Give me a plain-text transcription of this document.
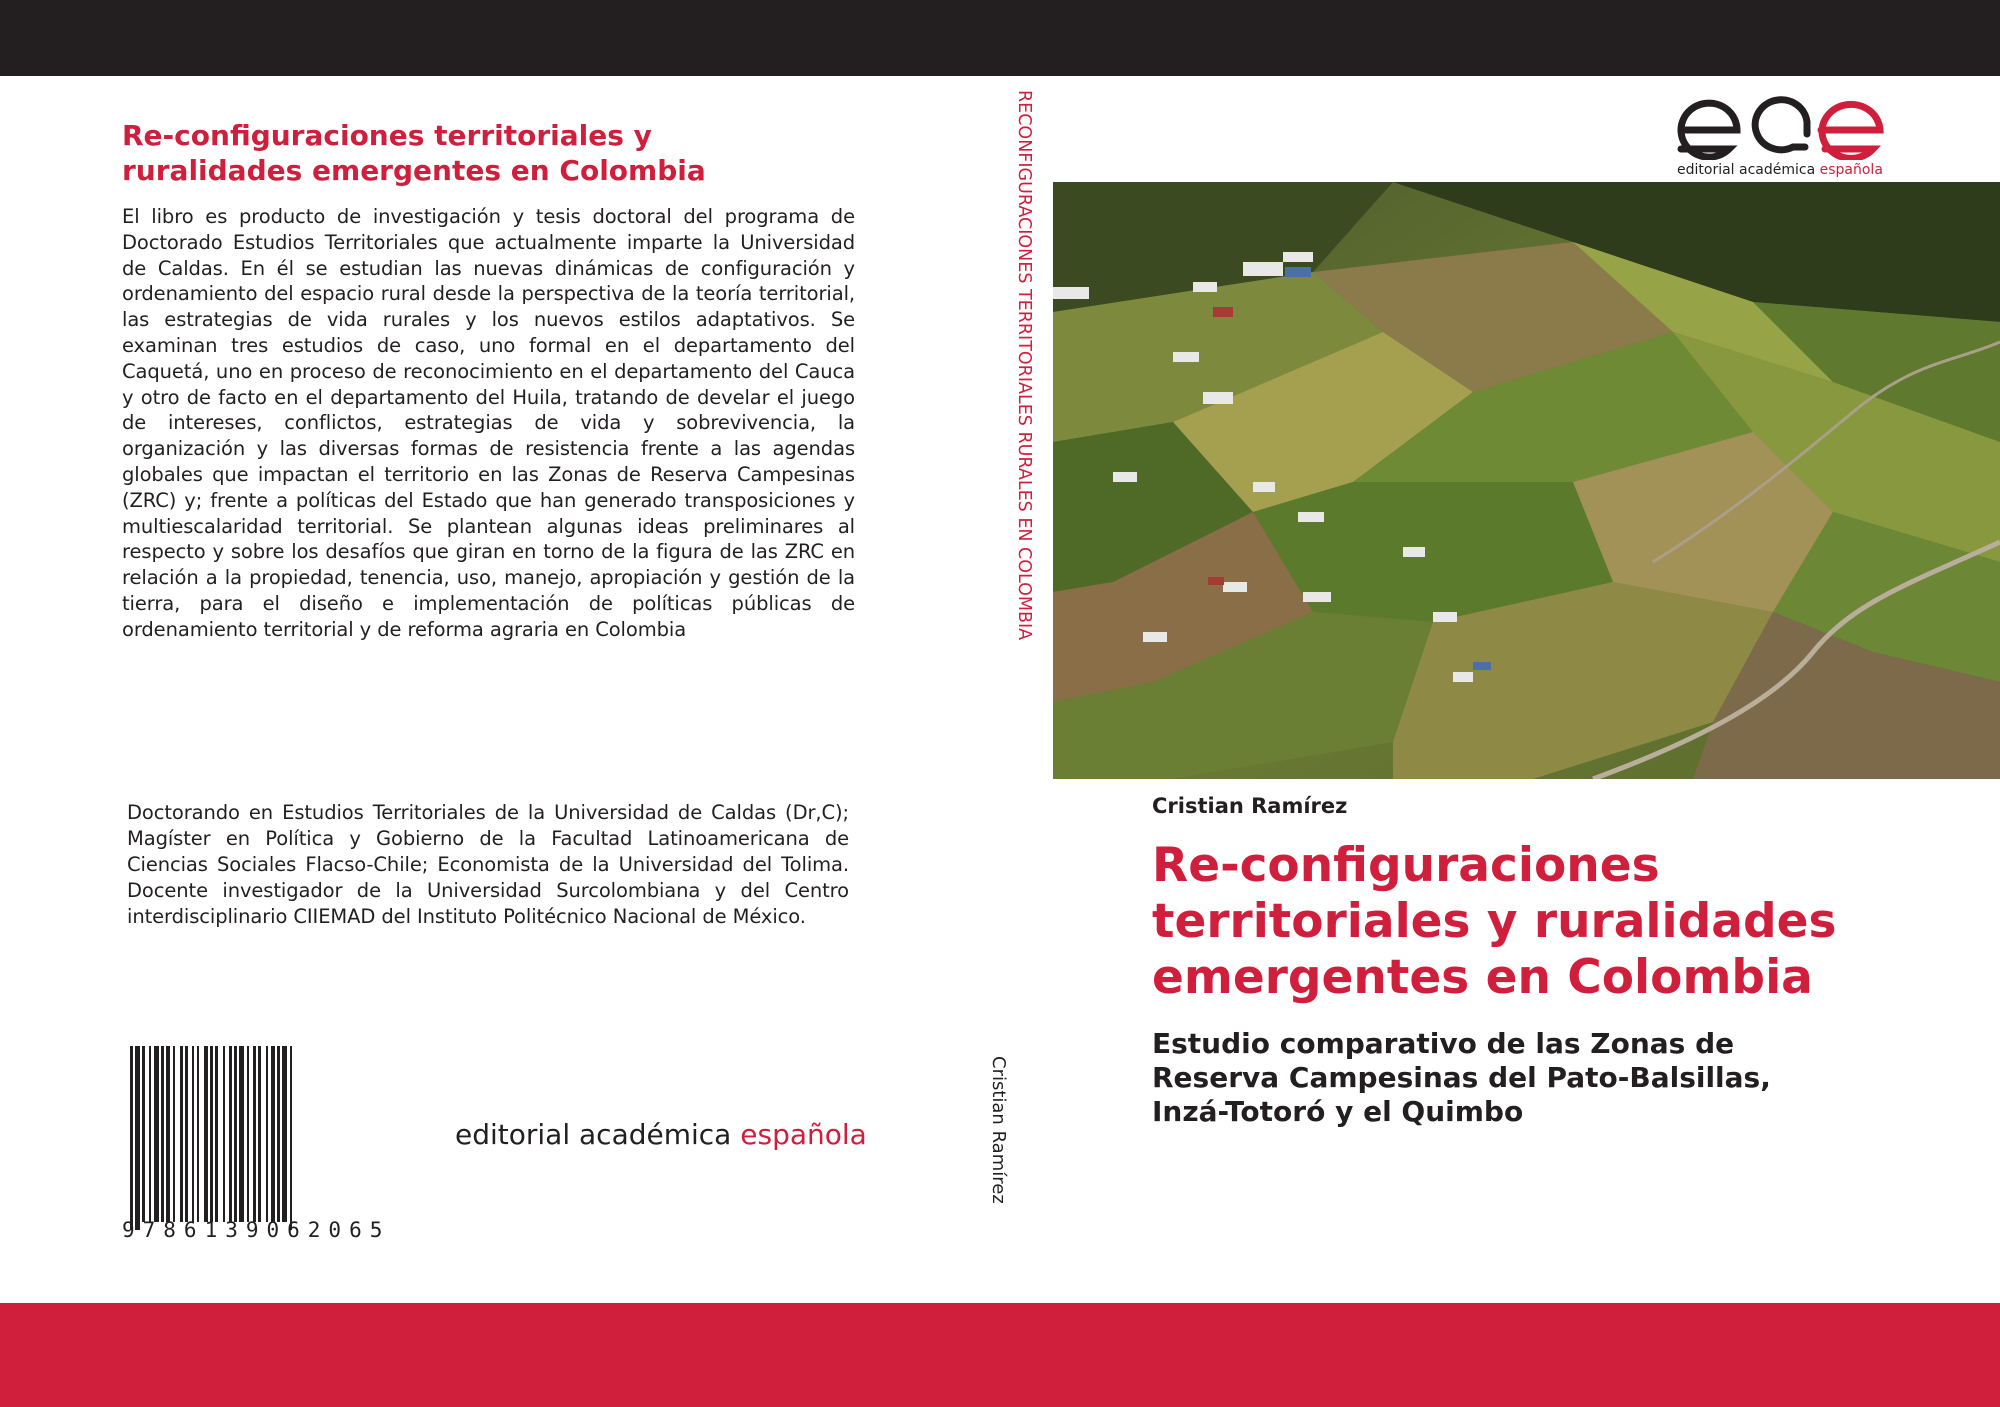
Re-configuraciones territoriales y
ruralidades emergentes en Colombia

El libro es producto de investigación y tesis doctoral del programa de Doctorado Estudios Territoriales que actualmente imparte la Universidad de Caldas. En él se estudian las nuevas dinámicas de configuración y ordenamiento del espacio rural desde la perspectiva de la teoría territorial, las estrategias de vida rurales y los nuevos estilos adaptativos. Se examinan tres estudios de caso, uno formal en el departamento del Caquetá, uno en proceso de reconocimiento en el departamento del Cauca y otro de facto en el departamento del Huila, tratando de develar el juego de intereses, conflictos, estrategias de vida y sobrevivencia, la organización y las diversas formas de resistencia frente a las agendas globales que impactan el territorio en las Zonas de Reserva Campesinas (ZRC) y; frente a políticas del Estado que han generado transposiciones y multiescalaridad territorial. Se plantean algunas ideas preliminares al respecto y sobre los desafíos que giran en torno de la figura de las ZRC en relación a la propiedad, tenencia, uso, manejo, apropiación y gestión de la tierra, para el diseño e implementación de políticas públicas de ordenamiento territorial y de reforma agraria en Colombia

Doctorando en Estudios Territoriales de la Universidad de Caldas (Dr,C); Magíster en Política y Gobierno de la Facultad Latinoamericana de Ciencias Sociales Flacso-Chile; Economista de la Universidad del Tolima. Docente investigador de la Universidad Surcolombiana y del Centro interdisciplinario CIIEMAD del Instituto Politécnico Nacional de México.

9786139062065
editorial académica española
RECONFIGURACIONES TERRITORIALES RURALES EN COLOMBIA
Cristian Ramírez
editorial académica española
Cristian Ramírez
Re-configuraciones
territoriales y ruralidades
emergentes en Colombia
Estudio comparativo de las Zonas de
Reserva Campesinas del Pato-Balsillas,
Inzá-Totoró y el Quimbo
